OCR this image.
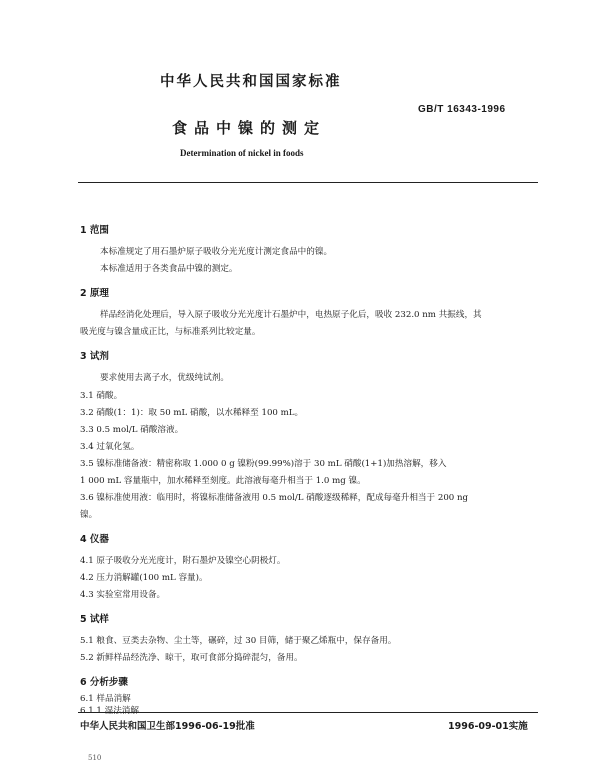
中华人民共和国国家标准
GB/T 16343-1996
食品中镍的测定
Determination of nickel in foods
1 范围
本标准规定了用石墨炉原子吸收分光光度计测定食品中的镍。
本标准适用于各类食品中镍的测定。
2 原理
样品经消化处理后，导入原子吸收分光光度计石墨炉中，电热原子化后，吸收 232.0 nm 共振线，其
吸光度与镍含量成正比，与标准系列比较定量。
3 试剂
要求使用去离子水，优级纯试剂。
3.1 硝酸。
3.2 硝酸(1：1)：取 50 mL 硝酸，以水稀释至 100 mL。
3.3 0.5 mol/L 硝酸溶液。
3.4 过氧化氢。
3.5 镍标准储备液：精密称取 1.000 0 g 镍粉(99.99%)溶于 30 mL 硝酸(1+1)加热溶解，移入
1 000 mL 容量瓶中，加水稀释至刻度。此溶液每毫升相当于 1.0 mg 镍。
3.6 镍标准使用液：临用时，将镍标准储备液用 0.5 mol/L 硝酸逐级稀释，配成每毫升相当于 200 ng
镍。
4 仪器
4.1 原子吸收分光光度计，附石墨炉及镍空心阴极灯。
4.2 压力消解罐(100 mL 容量)。
4.3 实验室常用设备。
5 试样
5.1 粮食、豆类去杂物、尘土等，碾碎，过 30 目筛，储于聚乙烯瓶中，保存备用。
5.2 新鲜样品经洗净、晾干，取可食部分捣碎混匀，备用。
6 分析步骤
6.1 样品消解
6.1.1 湿法消解
中华人民共和国卫生部1996-06-19批准	1996-09-01实施
510
